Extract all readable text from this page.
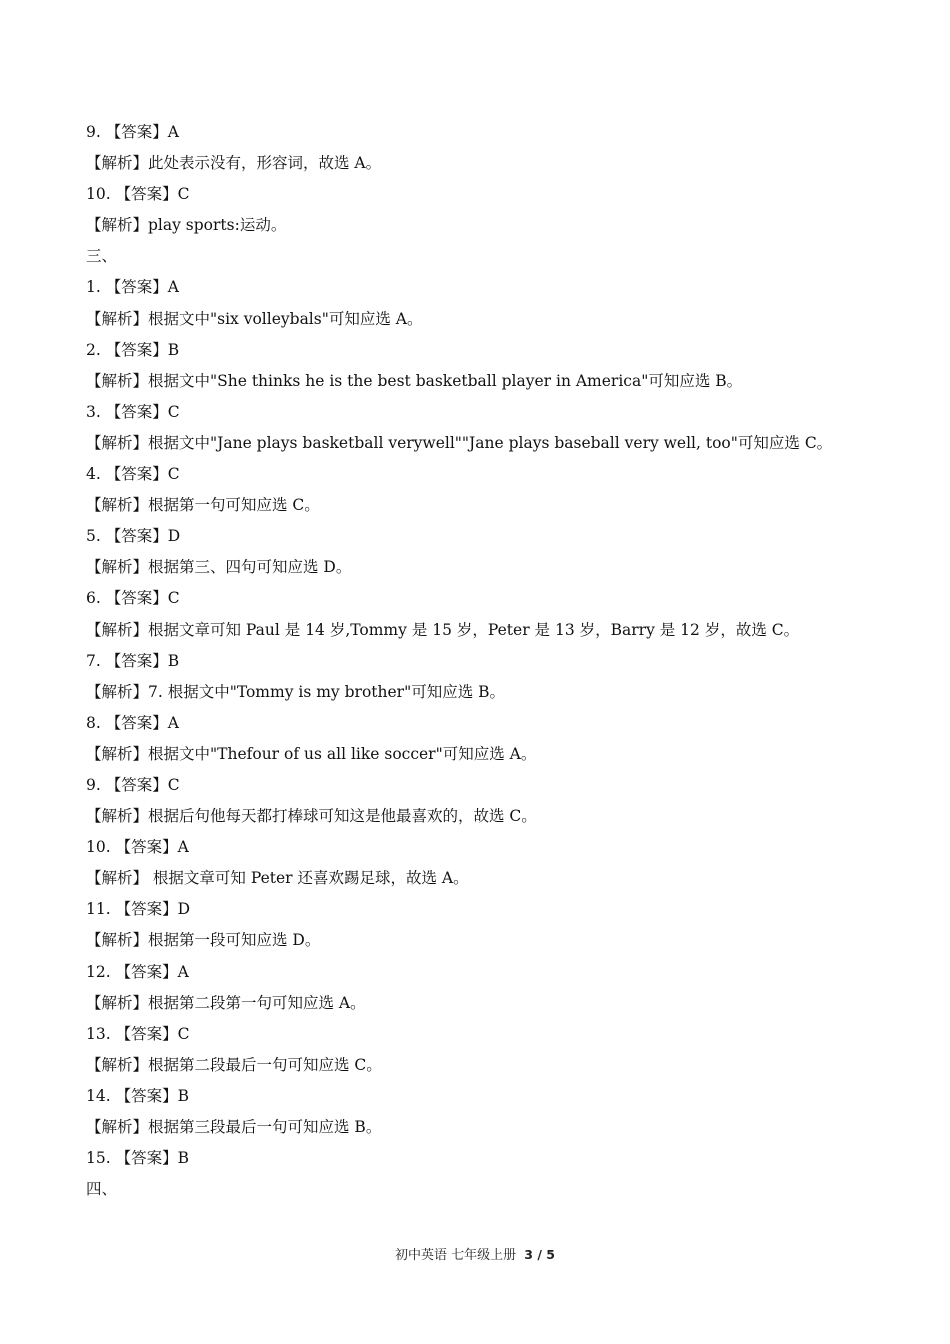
9. 【答案】A
【解析】此处表示没有，形容词，故选 A。
10. 【答案】C
【解析】play sports:运动。
三、
1. 【答案】A
【解析】根据文中"six volleybals"可知应选 A。
2. 【答案】B
【解析】根据文中"She thinks he is the best basketball player in America"可知应选 B。
3. 【答案】C
【解析】根据文中"Jane plays basketball verywell""Jane plays baseball very well, too"可知应选 C。
4. 【答案】C
【解析】根据第一句可知应选 C。
5. 【答案】D
【解析】根据第三、四句可知应选 D。
6. 【答案】C
【解析】根据文章可知 Paul 是 14 岁,Tommy 是 15 岁，Peter 是 13 岁，Barry 是 12 岁，故选 C。
7. 【答案】B
【解析】7. 根据文中"Tommy is my brother"可知应选 B。
8. 【答案】A
【解析】根据文中"Thefour of us all like soccer"可知应选 A。
9. 【答案】C
【解析】根据后句他每天都打棒球可知这是他最喜欢的，故选 C。
10. 【答案】A
【解析】 根据文章可知 Peter 还喜欢踢足球，故选 A。
11. 【答案】D
【解析】根据第一段可知应选 D。
12. 【答案】A
【解析】根据第二段第一句可知应选 A。
13. 【答案】C
【解析】根据第二段最后一句可知应选 C。
14. 【答案】B
【解析】根据第三段最后一句可知应选 B。
15. 【答案】B
四、
初中英语 七年级上册 3 / 5
